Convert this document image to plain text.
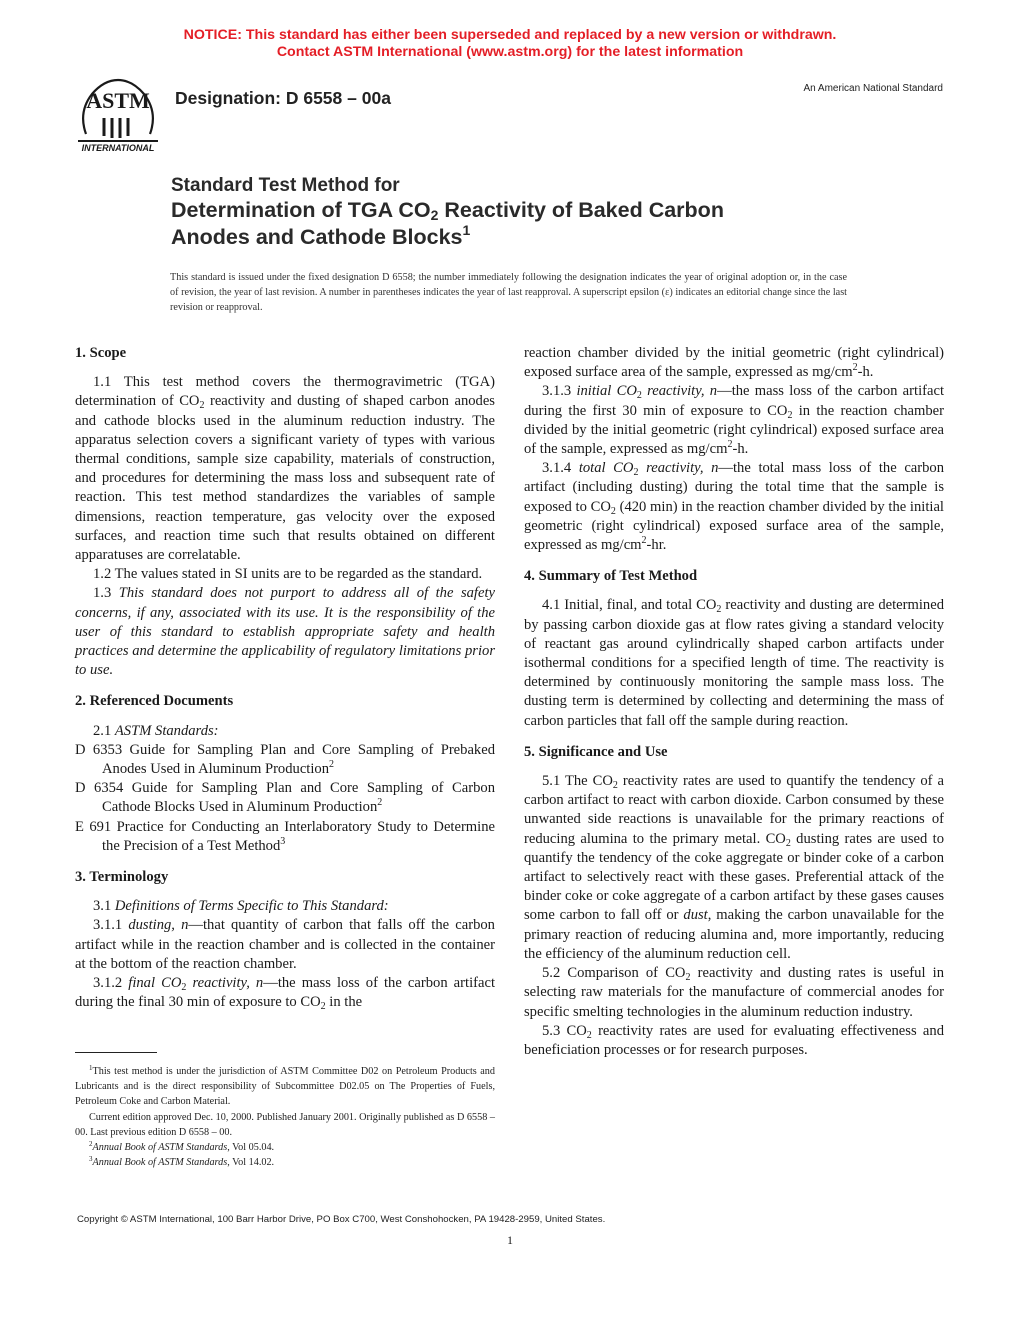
NOTICE: This standard has either been superseded and replaced by a new version or withdrawn.
Contact ASTM International (www.astm.org) for the latest information
ASTM
INTERNATIONAL
Designation: D 6558 – 00a	An American National Standard
Standard Test Method for
Determination of TGA $CO_2$ Reactivity of Baked Carbon
Anodes and Cathode Blocks$^1$
This standard is issued under the fixed designation D 6558; the number immediately following the designation indicates the year of original adoption or, in the case of revision, the year of last revision. A number in parentheses indicates the year of last reapproval. A superscript epsilon (ε) indicates an editorial change since the last revision or reapproval.
1. Scope

1.1 This test method covers the thermogravimetric (TGA) determination of $CO_2$ reactivity and dusting of shaped carbon anodes and cathode blocks used in the aluminum reduction industry. The apparatus selection covers a significant variety of types with various thermal conditions, sample size capability, materials of construction, and procedures for determining the mass loss and subsequent rate of reaction. This test method standardizes the variables of sample dimensions, reaction temperature, gas velocity over the exposed surfaces, and reaction time such that results obtained on different apparatuses are correlatable.

1.2 The values stated in SI units are to be regarded as the standard.

1.3 This standard does not purport to address all of the safety concerns, if any, associated with its use. It is the responsibility of the user of this standard to establish appropriate safety and health practices and determine the applicability of regulatory limitations prior to use.

2. Referenced Documents

2.1 ASTM Standards:

D 6353 Guide for Sampling Plan and Core Sampling of Prebaked Anodes Used in Aluminum Production$^2$

D 6354 Guide for Sampling Plan and Core Sampling of Carbon Cathode Blocks Used in Aluminum Production$^2$

E 691 Practice for Conducting an Interlaboratory Study to Determine the Precision of a Test Method$^3$

3. Terminology

3.1 Definitions of Terms Specific to This Standard:

3.1.1 dusting, n—that quantity of carbon that falls off the carbon artifact while in the reaction chamber and is collected in the container at the bottom of the reaction chamber.

3.1.2 final $CO_2$ reactivity, n—the mass loss of the carbon artifact during the final 30 min of exposure to $CO_2$ in the

reaction chamber divided by the initial geometric (right cylindrical) exposed surface area of the sample, expressed as $mg/cm^2-h$.

3.1.3 initial $CO_2$ reactivity, n—the mass loss of the carbon artifact during the first 30 min of exposure to $CO_2$ in the reaction chamber divided by the initial geometric (right cylindrical) exposed surface area of the sample, expressed as $mg/cm^2-h$.

3.1.4 total $CO_2$ reactivity, n—the total mass loss of the carbon artifact (including dusting) during the total time that the sample is exposed to $CO_2$ (420 min) in the reaction chamber divided by the initial geometric (right cylindrical) exposed surface area of the sample, expressed as $mg/cm^2-hr$.

4. Summary of Test Method

4.1 Initial, final, and total $CO_2$ reactivity and dusting are determined by passing carbon dioxide gas at flow rates giving a standard velocity of reactant gas around cylindrically shaped carbon artifacts under isothermal conditions for a specified length of time. The reactivity is determined by continuously monitoring the sample mass loss. The dusting term is determined by collecting and determining the mass of carbon particles that fall off the sample during reaction.

5. Significance and Use

5.1 The $CO_2$ reactivity rates are used to quantify the tendency of a carbon artifact to react with carbon dioxide. Carbon consumed by these unwanted side reactions is unavailable for the primary reactions of reducing alumina to the primary metal. $CO_2$ dusting rates are used to quantify the tendency of the coke aggregate or binder coke of a carbon artifact to selectively react with these gases. Preferential attack of the binder coke or coke aggregate of a carbon artifact by these gases causes some carbon to fall off or dust, making the carbon unavailable for the primary reaction of reducing alumina and, more importantly, reducing the efficiency of the aluminum reduction cell.

5.2 Comparison of $CO_2$ reactivity and dusting rates is useful in selecting raw materials for the manufacture of commercial anodes for specific smelting technologies in the aluminum reduction industry.

5.3 $CO_2$ reactivity rates are used for evaluating effectiveness and beneficiation processes or for research purposes.

$^1$This test method is under the jurisdiction of ASTM Committee D02 on Petroleum Products and Lubricants and is the direct responsibility of Subcommittee D02.05 on The Properties of Fuels, Petroleum Coke and Carbon Material.

Current edition approved Dec. 10, 2000. Published January 2001. Originally published as D 6558 – 00. Last previous edition D 6558 – 00.

$^2$Annual Book of ASTM Standards, Vol 05.04.

$^3$Annual Book of ASTM Standards, Vol 14.02.

Copyright © ASTM International, 100 Barr Harbor Drive, PO Box C700, West Conshohocken, PA 19428-2959, United States.
1
